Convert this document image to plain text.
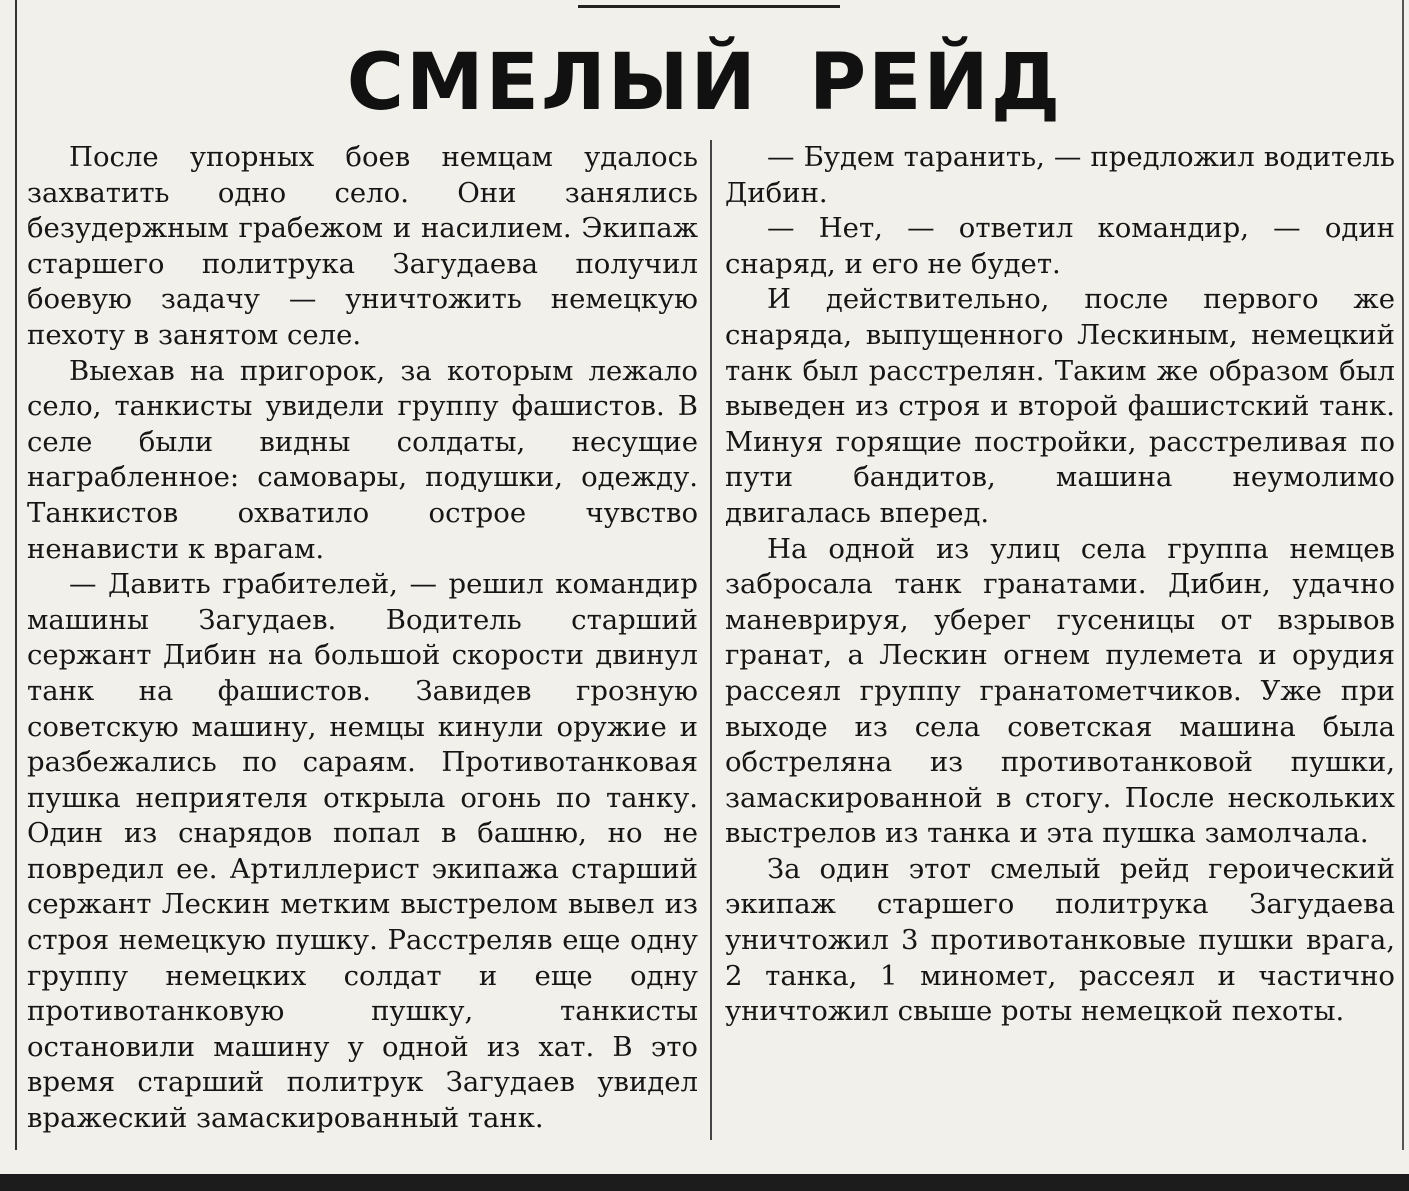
СМЕЛЫЙ РЕЙД

После упорных боев немцам удалось захватить одно село. Они занялись безудержным грабежом и насилием. Экипаж старшего политрука Загудаева получил боевую задачу — уничтожить немецкую пехоту в занятом селе.

Выехав на пригорок, за которым лежало село, танкисты увидели группу фашистов. В селе были видны солдаты, несущие награбленное: самовары, подушки, одежду. Танкистов охватило острое чувство ненависти к врагам.

— Давить грабителей, — решил командир машины Загудаев. Водитель старший сержант Дибин на большой скорости двинул танк на фашистов. Завидев грозную советскую машину, немцы кинули оружие и разбежались по сараям. Противотанковая пушка неприятеля открыла огонь по танку. Один из снарядов попал в башню, но не повредил ее. Артиллерист экипажа старший сержант Лескин метким выстрелом вывел из строя немецкую пушку. Расстреляв еще одну группу немецких солдат и еще одну противотанковую пушку, танкисты остановили машину у одной из хат. В это время старший политрук Загудаев увидел вражеский замаскированный танк.

— Будем таранить, — предложил водитель Дибин.

— Нет, — ответил командир, — один снаряд, и его не будет.

И действительно, после первого же снаряда, выпущенного Лескиным, немецкий танк был расстрелян. Таким же образом был выведен из строя и второй фашистский танк. Минуя горящие постройки, расстреливая по пути бандитов, машина неумолимо двигалась вперед.

На одной из улиц села группа немцев забросала танк гранатами. Дибин, удачно маневрируя, уберег гусеницы от взрывов гранат, а Лескин огнем пулемета и орудия рассеял группу гранатометчиков. Уже при выходе из села советская машина была обстреляна из противотанковой пушки, замаскированной в стогу. После нескольких выстрелов из танка и эта пушка замолчала.

За один этот смелый рейд героический экипаж старшего политрука Загудаева уничтожил 3 противотанковые пушки врага, 2 танка, 1 миномет, рассеял и частично уничтожил свыше роты немецкой пехоты.
